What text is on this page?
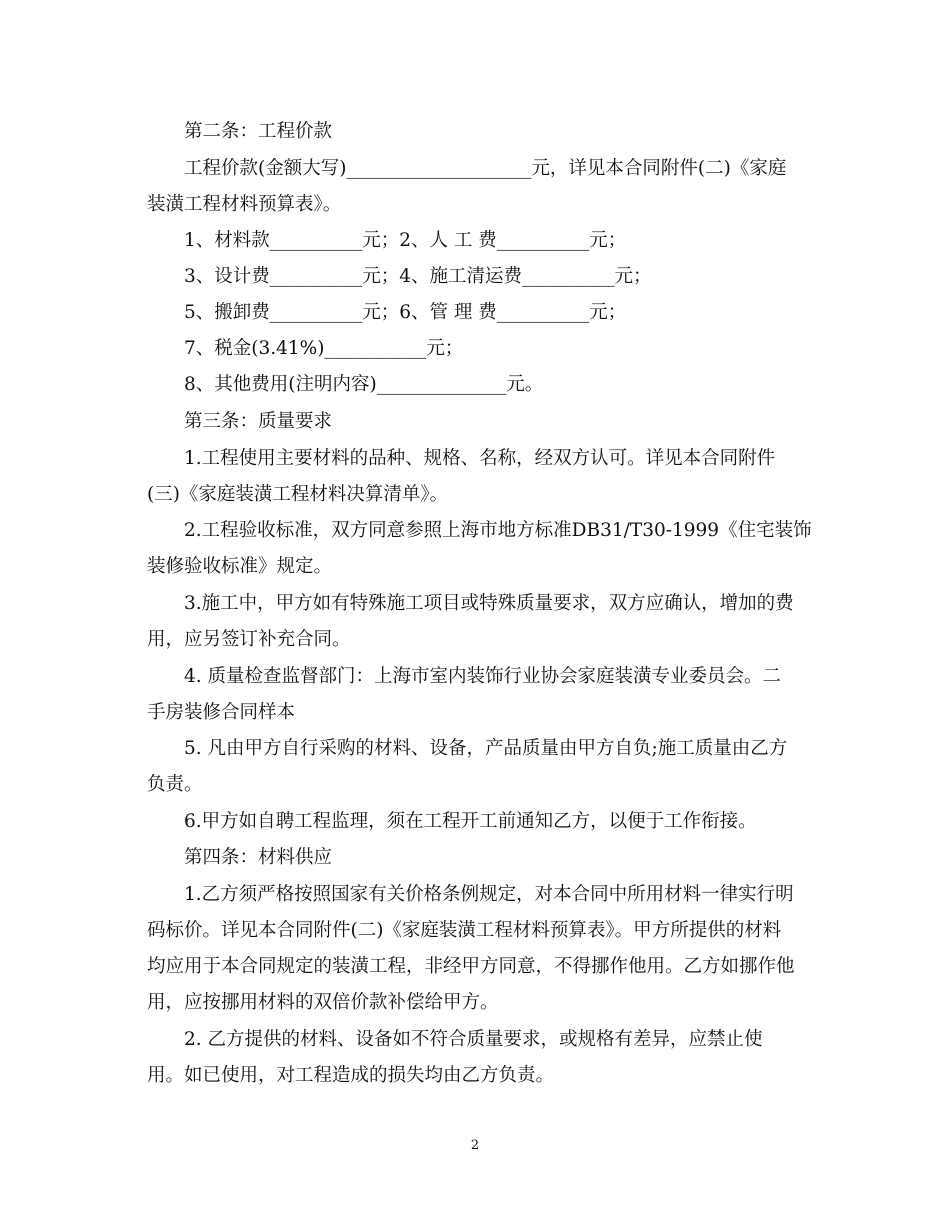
第二条：工程价款
工程价款(金额大写)____________________元，详见本合同附件(二)《家庭
装潢工程材料预算表》。
1、材料款__________元；2、人 工 费__________元；
3、设计费__________元；4、施工清运费__________元；
5、搬卸费__________元；6、管 理 费__________元；
7、税金(3.41%)___________元；
8、其他费用(注明内容)______________元。
第三条：质量要求
1.工程使用主要材料的品种、规格、名称，经双方认可。详见本合同附件
(三)《家庭装潢工程材料决算清单》。
2.工程验收标准，双方同意参照上海市地方标准DB31/T30-1999《住宅装饰
装修验收标准》规定。
3.施工中，甲方如有特殊施工项目或特殊质量要求，双方应确认，增加的费
用，应另签订补充合同。
4. 质量检查监督部门：上海市室内装饰行业协会家庭装潢专业委员会。二
手房装修合同样本
5. 凡由甲方自行采购的材料、设备，产品质量由甲方自负;施工质量由乙方
负责。
6.甲方如自聘工程监理，须在工程开工前通知乙方，以便于工作衔接。
第四条：材料供应
1.乙方须严格按照国家有关价格条例规定，对本合同中所用材料一律实行明
码标价。详见本合同附件(二)《家庭装潢工程材料预算表》。甲方所提供的材料
均应用于本合同规定的装潢工程，非经甲方同意，不得挪作他用。乙方如挪作他
用，应按挪用材料的双倍价款补偿给甲方。
2. 乙方提供的材料、设备如不符合质量要求，或规格有差异，应禁止使
用。如已使用，对工程造成的损失均由乙方负责。
2
